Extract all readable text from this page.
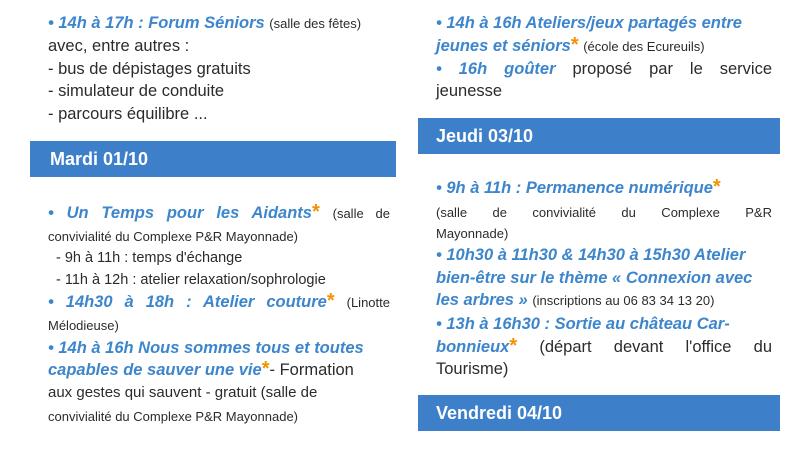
• 14h à 17h : Forum Séniors (salle des fêtes)
avec, entre autres :
- bus de dépistages gratuits
- simulateur de conduite
- parcours équilibre ...
Mardi 01/10
• Un Temps pour les Aidants* (salle de
convivialité du Complexe P&R Mayonnade)
- 9h à 11h : temps d'échange
- 11h à 12h : atelier relaxation/sophrologie
• 14h30 à 18h : Atelier couture* (Linotte
Mélodieuse)
• 14h à 16h Nous sommes tous et toutes
capables de sauver une vie*- Formation
aux gestes qui sauvent - gratuit (salle de
convivialité du Complexe P&R Mayonnade)
• 14h à 16h Ateliers/jeux partagés entre
jeunes et séniors* (école des Ecureuils)
• 16h goûter proposé par le service
jeunesse
Jeudi 03/10
• 9h à 11h : Permanence numérique*
(salle de convivialité du Complexe P&R
Mayonnade)
• 10h30 à 11h30 & 14h30 à 15h30 Atelier
bien-être sur le thème « Connexion avec
les arbres » (inscriptions au 06 83 34 13 20)
• 13h à 16h30 : Sortie au château Car-
bonnieux* (départ devant l'office du
Tourisme)
Vendredi 04/10
